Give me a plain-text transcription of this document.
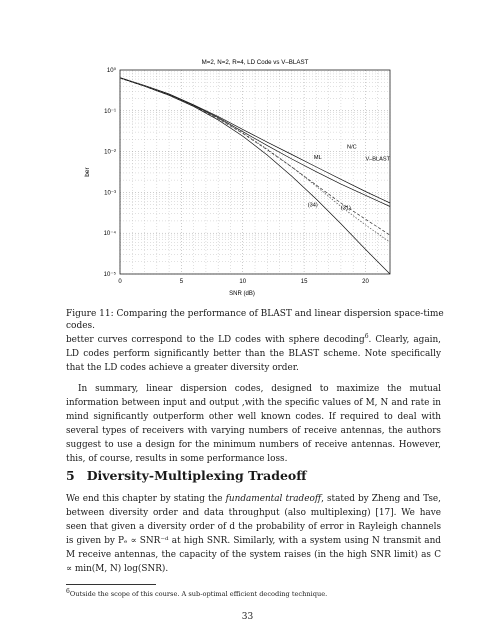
M=2, N=2, R=4, LD Code vs V–BLAST
SNR (dB)
ber
0	5	10	15	20
10⁰
10⁻¹
10⁻²
10⁻³
10⁻⁴
10⁻⁵
N/C
V–BLAST
ML
(34)	(31)
Figure 11: Comparing the performance of BLAST and linear dispersion space-time codes.
better curves correspond to the LD codes with sphere decoding$^6$. Clearly, again, LD codes perform significantly better than the BLAST scheme. Note specifically that the LD codes achieve a greater diversity order.
In summary, linear dispersion codes, designed to maximize the mutual information between input and output ,with the specific values of M, N and rate in mind significantly outperform other well known codes. If required to deal with several types of receivers with varying numbers of receive antennas, the authors suggest to use a design for the minimum numbers of receive antennas. However, this, of course, results in some performance loss.
5 Diversity-Multiplexing Tradeoff
We end this chapter by stating the fundamental tradeoff, stated by Zheng and Tse, between diversity order and data throughput (also multiplexing) [17]. We have seen that given a diversity order of d the probability of error in Rayleigh channels is given by Pₑ ∝ SNR⁻ᵈ at high SNR. Similarly, with a system using N transmit and M receive antennas, the capacity of the system raises (in the high SNR limit) as C ∝ min(M, N) log(SNR).
$^6$Outside the scope of this course. A sub-optimal efficient decoding technique.
33
